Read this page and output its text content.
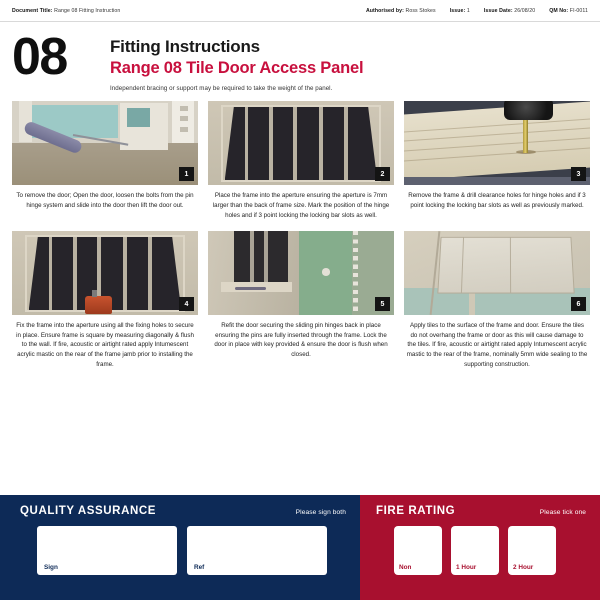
Document Title: Range 08 Fitting Instruction	Authorised by: Ross Stokes	Issue: 1	Issue Date: 26/08/20	QM No: FI-0011
08	Fitting Instructions
Range 08 Tile Door Access Panel
Independent bracing or support may be required to take the weight of the panel.
1
To remove the door; Open the door, loosen the bolts from the pin hinge system and slide into the door then lift the door out.
2
Place the frame into the aperture ensuring the aperture is 7mm larger than the back of frame size. Mark the position of the hinge holes and if 3 point locking the locking bar slots as well.
3
Remove the frame & drill clearance holes for hinge holes and if 3 point locking the locking bar slots as well as previously marked.
4
Fix the frame into the aperture using all the fixing holes to secure in place. Ensure frame is square by measuring diagonally & flush to the wall. If fire, acoustic or airtight rated apply Intumescent acrylic mastic on the rear of the frame jamb prior to installing the frame.
5
Refit the door securing the sliding pin hinges back in place ensuring the pins are fully inserted through the frame. Lock the door in place with key provided & ensure the door is flush when closed.
6
Apply tiles to the surface of the frame and door. Ensure the tiles do not overhang the frame or door as this will cause damage to the tiles. If fire, acoustic or airtight rated apply Intumescent acrylic mastic to the rear of the frame, nominally 5mm wide sealing to the supporting construction.
QUALITY ASSURANCE	Please sign both
Sign	Ref
FIRE RATING	Please tick one
Non	1 Hour	2 Hour
